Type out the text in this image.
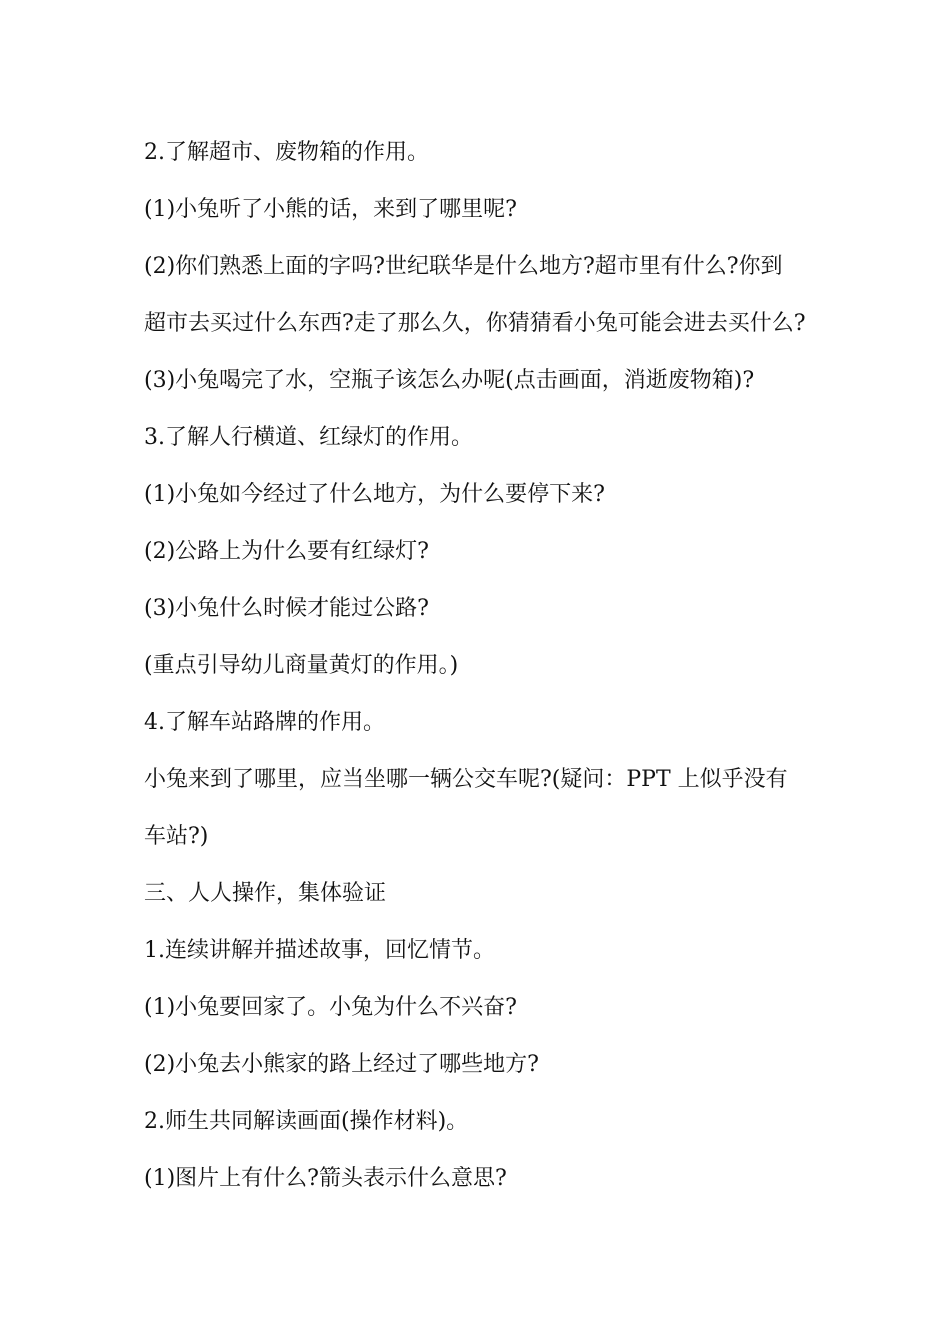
2.了解超市、废物箱的作用。
(1)小兔听了小熊的话，来到了哪里呢?
(2)你们熟悉上面的字吗?世纪联华是什么地方?超市里有什么?你到
超市去买过什么东西?走了那么久，你猜猜看小兔可能会进去买什么?
(3)小兔喝完了水，空瓶子该怎么办呢(点击画面，消逝废物箱)?
3.了解人行横道、红绿灯的作用。
(1)小兔如今经过了什么地方，为什么要停下来?
(2)公路上为什么要有红绿灯?
(3)小兔什么时候才能过公路?
(重点引导幼儿商量黄灯的作用。)
4.了解车站路牌的作用。
小兔来到了哪里，应当坐哪一辆公交车呢?(疑问：PPT 上似乎没有
车站?)
三、人人操作，集体验证
1.连续讲解并描述故事，回忆情节。
(1)小兔要回家了。小兔为什么不兴奋?
(2)小兔去小熊家的路上经过了哪些地方?
2.师生共同解读画面(操作材料)。
(1)图片上有什么?箭头表示什么意思?
